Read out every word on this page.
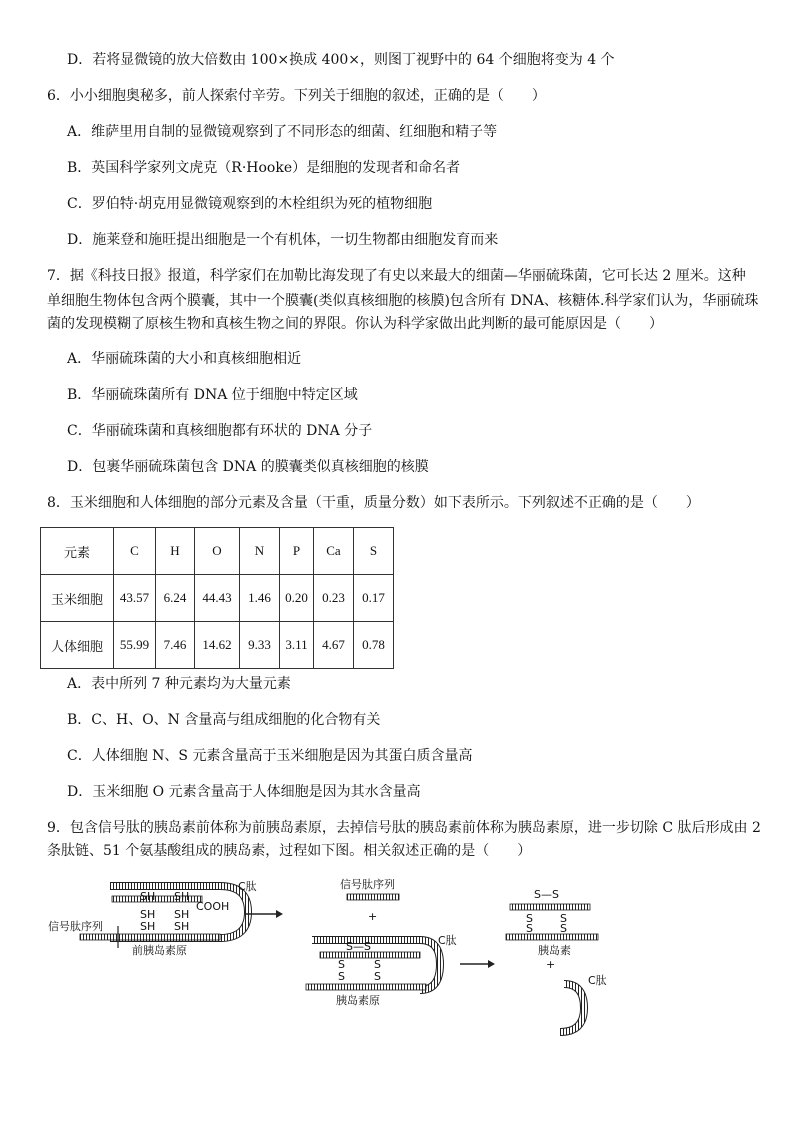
D．若将显微镜的放大倍数由 100×换成 400×，则图丁视野中的 64 个细胞将变为 4 个
6．小小细胞奥秘多，前人探索付辛劳。下列关于细胞的叙述，正确的是（　　）
A．维萨里用自制的显微镜观察到了不同形态的细菌、红细胞和精子等
B．英国科学家列文虎克（R·Hooke）是细胞的发现者和命名者
C．罗伯特·胡克用显微镜观察到的木栓组织为死的植物细胞
D．施莱登和施旺提出细胞是一个有机体，一切生物都由细胞发育而来
7．据《科技日报》报道，科学家们在加勒比海发现了有史以来最大的细菌—华丽硫珠菌，它可长达 2 厘米。这种
单细胞生物体包含两个膜囊，其中一个膜囊(类似真核细胞的核膜)包含所有 DNA、核糖体.科学家们认为，华丽硫珠
菌的发现模糊了原核生物和真核生物之间的界限。你认为科学家做出此判断的最可能原因是（　　）
A．华丽硫珠菌的大小和真核细胞相近
B．华丽硫珠菌所有 DNA 位于细胞中特定区域
C．华丽硫珠菌和真核细胞都有环状的 DNA 分子
D．包裹华丽硫珠菌包含 DNA 的膜囊类似真核细胞的核膜
8．玉米细胞和人体细胞的部分元素及含量（干重，质量分数）如下表所示。下列叙述不正确的是（　　）
元素	C	H	O	N	P	Ca	S
玉米细胞	43.57	6.24	44.43	1.46	0.20	0.23	0.17
人体细胞	55.99	7.46	14.62	9.33	3.11	4.67	0.78
A．表中所列 7 种元素均为大量元素
B．C、H、O、N 含量高与组成细胞的化合物有关
C．人体细胞 N、S 元素含量高于玉米细胞是因为其蛋白质含量高
D．玉米细胞 O 元素含量高于人体细胞是因为其水含量高
9．包含信号肽的胰岛素前体称为前胰岛素原，去掉信号肽的胰岛素前体称为胰岛素原，进一步切除 C 肽后形成由 2
条肽链、51 个氨基酸组成的胰岛素，过程如下图。相关叙述正确的是（　　）
SH SH
SH SH
SH SH
COOH
C肽
信号肽序列
前胰岛素原
信号肽序列
+
S—S
S
S
S
S
C肽
胰岛素原
S—S
S
S
S
S
胰岛素
+
C肽
